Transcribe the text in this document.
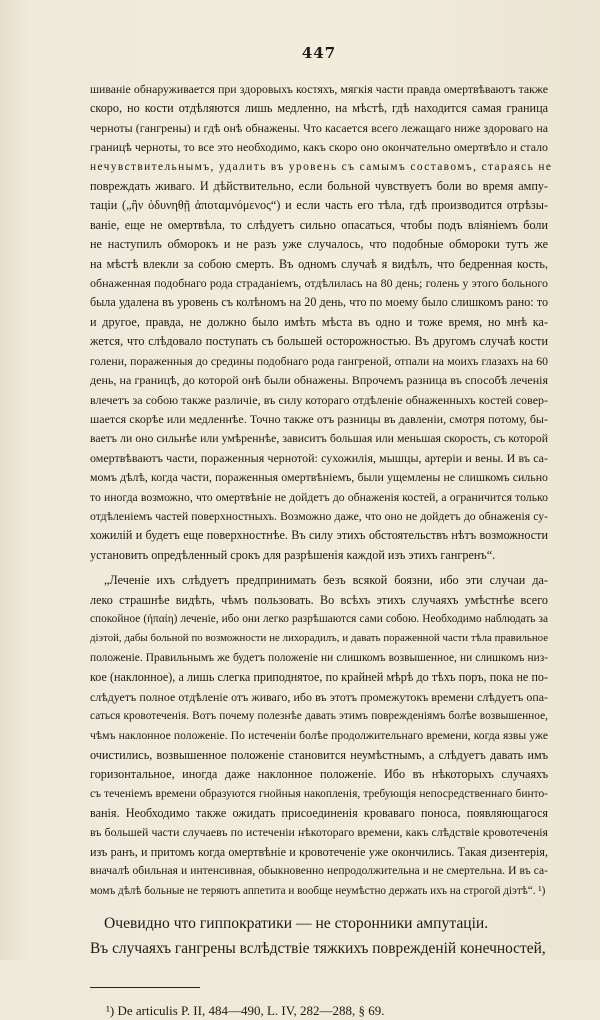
447
шиваніе обнаруживается при здоровыхъ костяхъ, мягкія части правда омертвѣваютъ также
скоро, но кости отдѣляются лишь медленно, на мѣстѣ, гдѣ находится самая граница
черноты (гангрены) и гдѣ онѣ обнажены. Что касается всего лежащаго ниже здороваго на
границѣ черноты, то все это необходимо, какъ скоро оно окончательно омертвѣло и стало
нечувствительнымъ, удалить въ уровень съ самымъ составомъ, стараясь не
повреждать живаго. И дѣйствительно, если больной чувствуетъ боли во время ампу-
таціи („ἢν ὀδυνηθῇ ἀποταμνόμενος“) и если часть его тѣла, гдѣ производится отрѣзы-
ваніе, еще не омертвѣла, то слѣдуетъ сильно опасаться, чтобы подъ вліяніемъ боли
не наступилъ обморокъ и не разъ уже случалось, что подобные обмороки тутъ же
на мѣстѣ влекли за собою смерть. Въ одномъ случаѣ я видѣлъ, что бедренная кость,
обнаженная подобнаго рода страданіемъ, отдѣлилась на 80 день; голень у этого больного
была удалена въ уровень съ колѣномъ на 20 день, что по моему было слишкомъ рано: то
и другое, правда, не должно было имѣть мѣста въ одно и тоже время, но мнѣ ка-
жется, что слѣдовало поступать съ большей осторожностью. Въ другомъ случаѣ кости
голени, пораженныя до средины подобнаго рода гангреной, отпали на моихъ глазахъ на 60
день, на границѣ, до которой онѣ были обнажены. Впрочемъ разница въ способѣ леченія
влечетъ за собою также различіе, въ силу котораго отдѣленіе обнаженныхъ костей совер-
шается скорѣе или медленнѣе. Точно также отъ разницы въ давленіи, смотря потому, бы-
ваетъ ли оно сильнѣе или умѣреннѣе, зависитъ большая или меньшая скорость, съ которой
омертвѣваютъ части, пораженныя чернотой: сухожилія, мышцы, артеріи и вены. И въ са-
момъ дѣлѣ, когда части, пораженныя омертвѣніемъ, были ущемлены не слишкомъ сильно
то иногда возможно, что омертвѣніе не дойдетъ до обнаженія костей, а ограничится только
отдѣленіемъ частей поверхностныхъ. Возможно даже, что оно не дойдетъ до обнаженія су-
хожилій и будетъ еще поверхностнѣе. Въ силу этихъ обстоятельствъ нѣтъ возможности
установить опредѣленный срокъ для разрѣшенія каждой изъ этихъ гангренъ“.
„Леченіе ихъ слѣдуетъ предпринимать безъ всякой боязни, ибо эти случаи да-
леко страшнѣе видѣть, чѣмъ пользовать. Во всѣхъ этихъ случаяхъ умѣстнѣе всего
спокойное (ἠπαίη) леченіе, ибо они легко разрѣшаются сами собою. Необходимо наблюдать за
діэтой, дабы больной по возможности не лихорадилъ, и давать пораженной части тѣла правильное
положеніе. Правильнымъ же будетъ положеніе ни слишкомъ возвышенное, ни слишкомъ низ-
кое (наклонное), а лишь слегка приподнятое, по крайней мѣрѣ до тѣхъ поръ, пока не по-
слѣдуетъ полное отдѣленіе отъ живаго, ибо въ этотъ промежутокъ времени слѣдуетъ опа-
саться кровотеченія. Вотъ почему полезнѣе давать этимъ поврежденіямъ болѣе возвышенное,
чѣмъ наклонное положеніе. По истеченіи болѣе продолжительнаго времени, когда язвы уже
очистились, возвышенное положеніе становится неумѣстнымъ, а слѣдуетъ давать имъ
горизонтальное, иногда даже наклонное положеніе. Ибо въ нѣкоторыхъ случаяхъ
съ теченіемъ времени образуются гнойныя накопленія, требующія непосредственнаго бинто-
ванія. Необходимо также ожидать присоединенія кроваваго поноса, появляющагося
въ большей части случаевъ по истеченіи нѣкотораго времени, какъ слѣдствіе кровотеченія
изъ ранъ, и притомъ когда омертвѣніе и кровотеченіе уже окончились. Такая дизентерія,
вначалѣ обильная и интенсивная, обыкновенно непродолжительна и не смертельна. И въ са-
момъ дѣлѣ больные не теряютъ аппетита и вообще неумѣстно держать ихъ на строгой діэтѣ“. ¹)
Очевидно что гиппократики — не сторонники ампутаціи.
Въ случаяхъ гангрены вслѣдствіе тяжкихъ поврежденій конечностей,
¹) De articulis P. II, 484—490, L. IV, 282—288, § 69.
